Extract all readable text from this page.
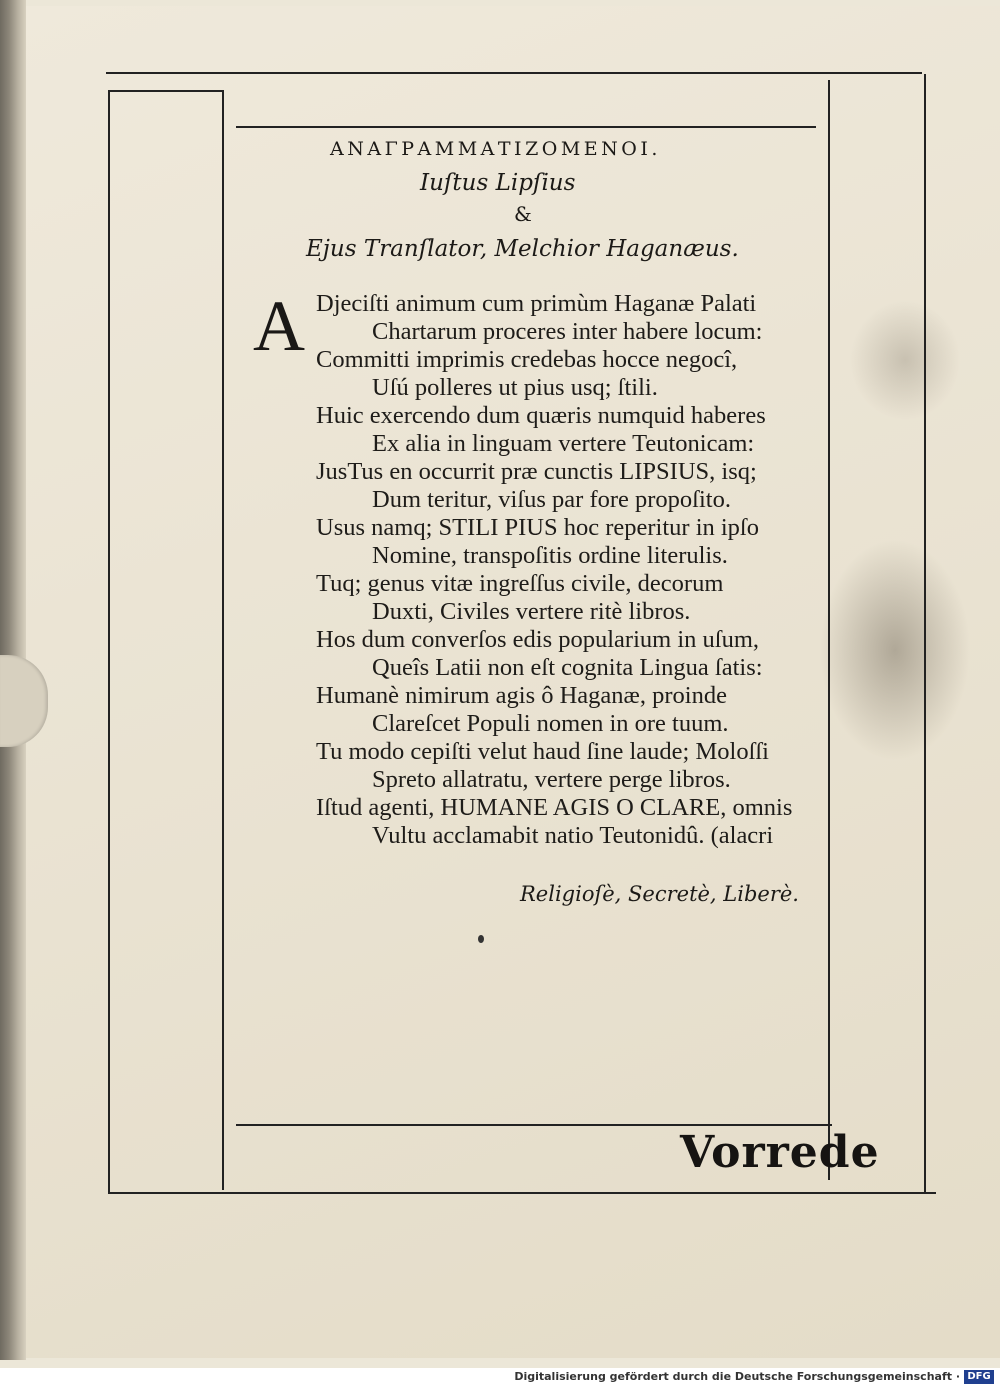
ΑΝΑΓΡΑΜΜΑΤΙΖΟΜΕΝΟΙ.
Iuſtus Lipſius
&
Ejus Tranſlator, Melchior Haganæus.
A Djeciſti animum cum primùm Haganæ Palati
Chartarum proceres inter habere locum:
Committi imprimis credebas hocce negocî,
Uſú polleres ut pius usq; ſtili.
Huic exercendo dum quæris numquid haberes
Ex alia in linguam vertere Teutonicam:
JusTus en occurrit præ cunctis LIPSIUS, isq;
Dum teritur, viſus par fore propoſito.
Usus namq; STILI PIUS hoc reperitur in ipſo
Nomine, transpoſitis ordine literulis.
Tuq; genus vitæ ingreſſus civile, decorum
Duxti, Civiles vertere ritè libros.
Hos dum converſos edis popularium in uſum,
Queîs Latii non eſt cognita Lingua ſatis:
Humanè nimirum agis ô Haganæ, proinde
Clareſcet Populi nomen in ore tuum.
Tu modo cepiſti velut haud ſine laude; Moloſſi
Spreto allatratu, vertere perge libros.
Iſtud agenti, HUMANE AGIS O CLARE, omnis
Vultu acclamabit natio Teutonidû. (alacri
Religioſè, Secretè, Liberè.
Vorrede
Digitalisierung gefördert durch die Deutsche Forschungsgemeinschaft · DFG
